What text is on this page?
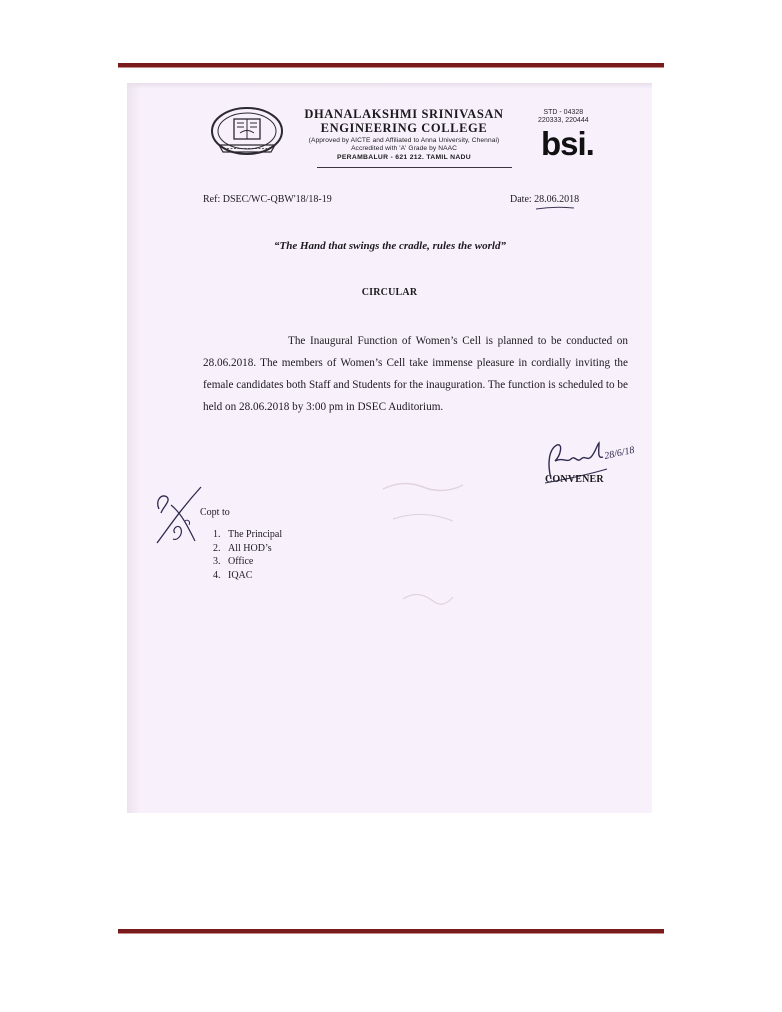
DHANALAKSHMI SRINIVASAN
ENGINEERING COLLEGE
(Approved by AICTE and Affiliated to Anna University, Chennai)
Accredited with 'A' Grade by NAAC
PERAMBALUR - 621 212. TAMIL NADU
STD - 04328
220333, 220444
bsi.
Ref: DSEC/WC-QBW'18/18-19	Date: 28.06.2018
“The Hand that swings the cradle, rules the world”
CIRCULAR
The Inaugural Function of Women’s Cell is planned to be conducted on 28.06.2018. The members of Women’s Cell take immense pleasure in cordially inviting the female candidates both Staff and Students for the inauguration. The function is scheduled to be held on 28.06.2018 by 3:00 pm in DSEC Auditorium.
28/6/18
CONVENER
Copt to
1. The Principal
2. All HOD’s
3. Office
4. IQAC
